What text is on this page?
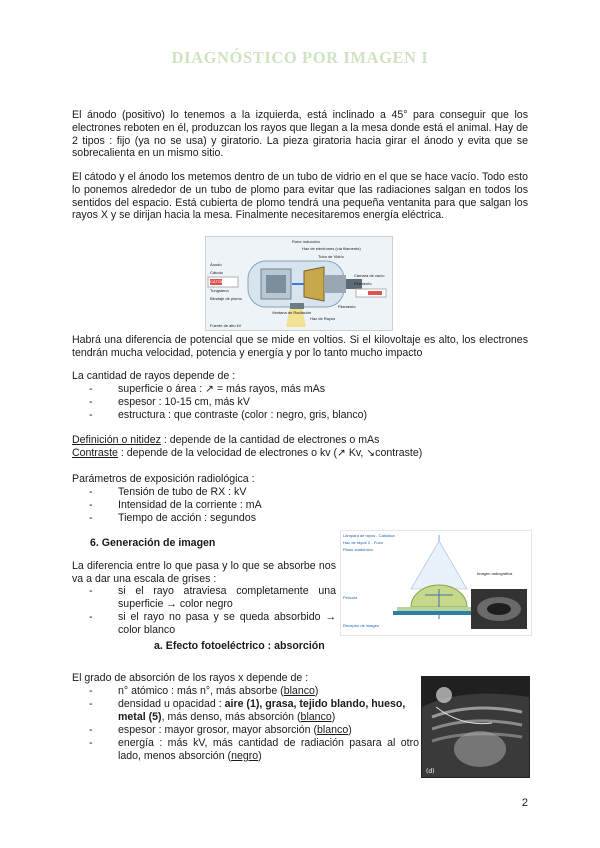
DIAGNÓSTICO POR IMAGEN I

El ánodo (positivo) lo tenemos a la izquierda, está inclinado a 45° para conseguir que los electrones reboten en él, produzcan los rayos que llegan a la mesa donde está el animal. Hay de 2 tipos : fijo (ya no se usa) y giratorio. La pieza giratoria hacia girar el ánodo y evita que se sobrecalienta en un mismo sitio.

El cátodo y el ánodo los metemos dentro de un tubo de vidrio en el que se hace vacío. Todo esto lo ponemos alrededor de un tubo de plomo para evitar que las radiaciones salgan en todos los sentidos del espacio. Está cubierta de plomo tendrá una pequeña ventanita para que salgan los rayos X y se dirijan hacia la mesa. Finalmente necesitaremos energía eléctrica.

Rotor inducción
Haz de electrones (vía filamento)
Tubo de Vidrio
Ánodo
Cámara de vacío
Cátodo
Filamento
Tungsteno
CÁTODO
Blindaje de plomo
Filamento
Ventana de Radiación
Haz de Rayos
Fuente de alto kV

Habrá una diferencia de potencial que se mide en voltios. Si el kilovoltaje es alto, los electrones tendrán mucha velocidad, potencia y energía y por lo tanto mucho impacto

La cantidad de rayos depende de :

- superficie o área : ↗ = más rayos, más mAs
- espesor : 10-15 cm, más kV
- estructura : que contraste (color : negro, gris, blanco)

Definición o nitidez : depende de la cantidad de electrones o mAs

Contraste : depende de la velocidad de electrones o kv (↗ Kv, ↘contraste)

Parámetros de exposición radiológica :

- Tensión de tubo de RX : kV
- Intensidad de la corriente : mA
- Tiempo de acción : segundos

6. Generación de imagen

La diferencia entre lo que pasa y lo que se absorbe nos va a dar una escala de grises :

- si el rayo atraviesa completamente una superficie → color negro
- si el rayo no pasa y se queda absorbido → color blanco
Lámpara de rayos - Catódica
Haz de rayos X - Foco
Plano anatómico
Película
Imagen radiográfica
Receptor de imagen

a. Efecto fotoeléctrico : absorción

El grado de absorción de los rayos x depende de :

- n° atómico : más n°, más absorbe (blanco)
- densidad u opacidad : aire (1), grasa, tejido blando, hueso, metal (5), más denso, más absorción (blanco)
- espesor : mayor grosor, mayor absorción (blanco)
- energía : más kV, más cantidad de radiación pasara al otro lado, menos absorción (negro)
(d)
2
